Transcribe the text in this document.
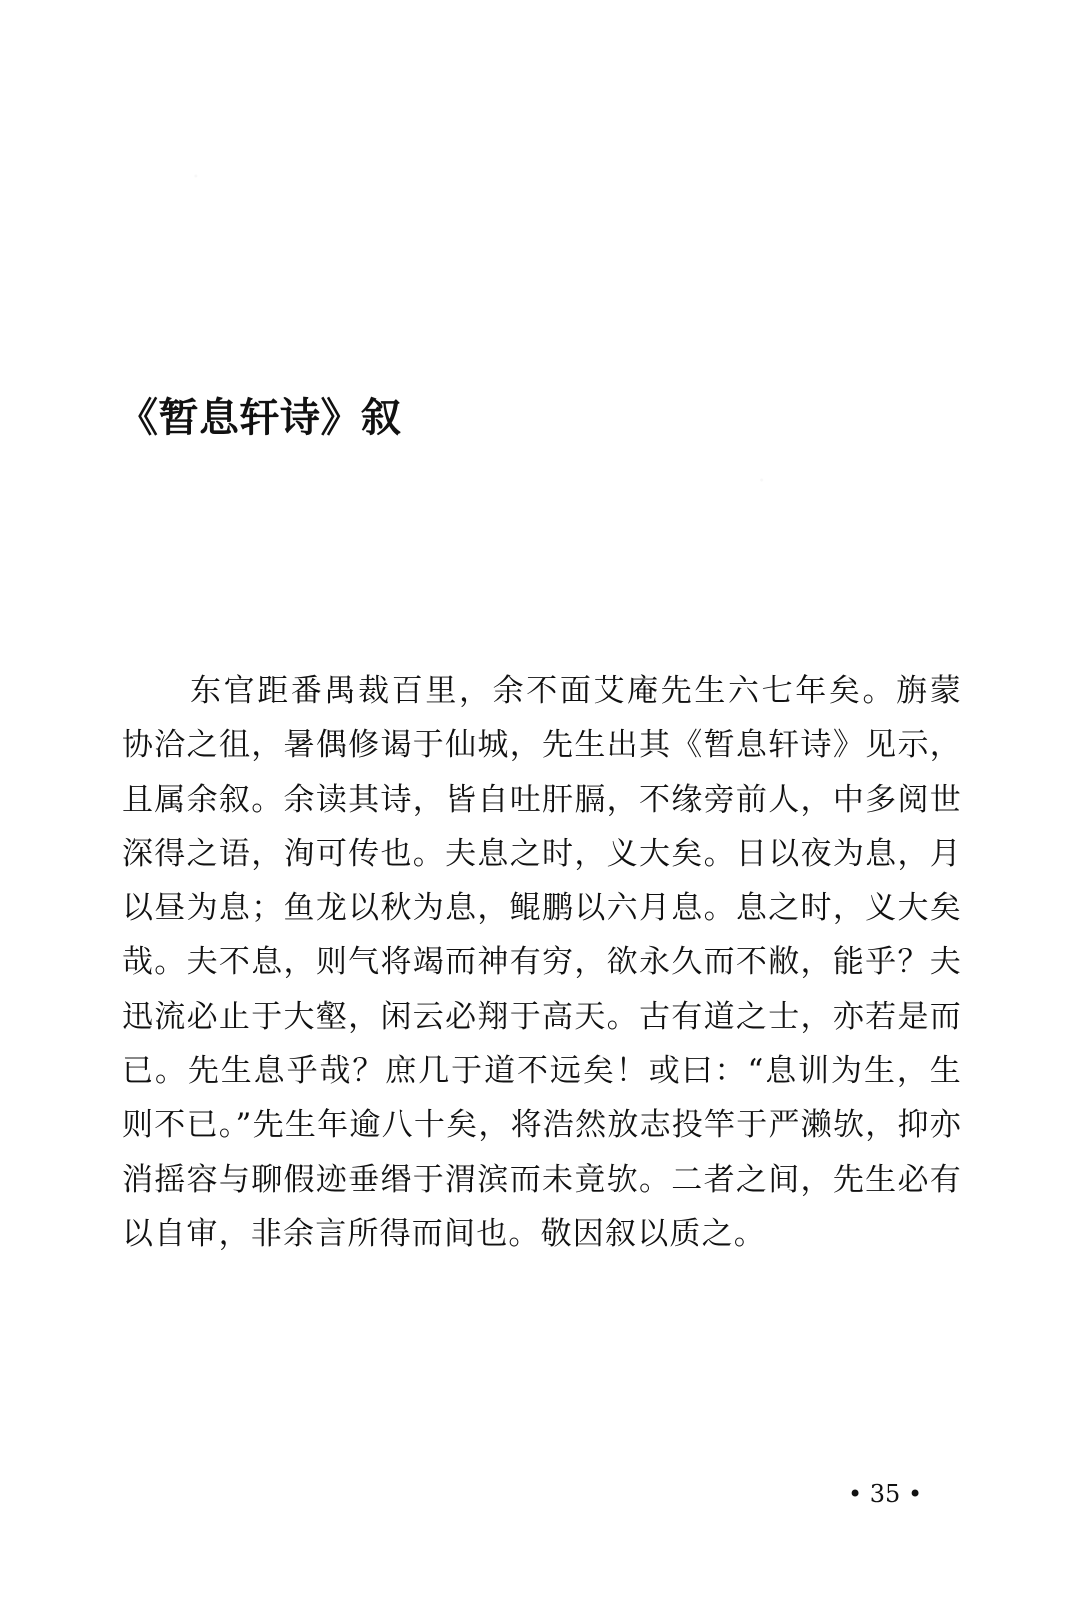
《暂息轩诗》叙

东官距番禺裁百里，余不面艾庵先生六七年矣。旃蒙协洽之徂，暑偶修谒于仙城，先生出其《暂息轩诗》见示，且属余叙。余读其诗，皆自吐肝膈，不缘旁前人，中多阅世深得之语，洵可传也。夫息之时，义大矣。日以夜为息，月以昼为息；鱼龙以秋为息，鲲鹏以六月息。息之时，义大矣哉。夫不息，则气将竭而神有穷，欲永久而不敝，能乎？夫迅流必止于大壑，闲云必翔于高天。古有道之士，亦若是而已。先生息乎哉？庶几于道不远矣！或曰：“息训为生，生则不已。”先生年逾八十矣，将浩然放志投竿于严濑欤，抑亦消摇容与聊假迹垂缗于渭滨而未竟欤。二者之间，先生必有以自审，非余言所得而间也。敬因叙以质之。

• 35 •
